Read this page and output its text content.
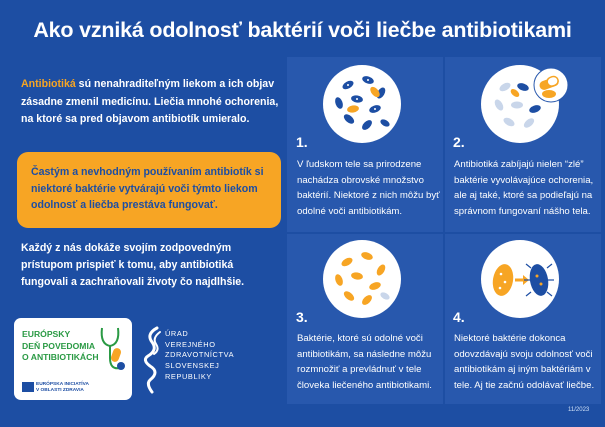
Ako vzniká odolnosť baktérií voči liečbe antibiotikami
Antibiotiká sú nenahraditeľným liekom a ich objav zásadne zmenil medicínu. Liečia mnohé ochorenia, na ktoré sa pred objavom antibiotík umieralo.
Častým a nevhodným používaním antibiotík si niektoré baktérie vytvárajú voči týmto liekom odolnosť a liečba prestáva fungovať.
Každý z nás dokáže svojím zodpovedným prístupom prispieť k tomu, aby antibiotiká fungovali a zachraňovali životy čo najdlhšie.
1.
V ľudskom tele sa prirodzene nachádza obrovské množstvo baktérií. Niektoré z nich môžu byť odolné voči antibiotikám.
2.
Antibiotiká zabíjajú nielen “zlé” baktérie vyvolávajúce ochorenia, ale aj také, ktoré sa podieľajú na správnom fungovaní nášho tela.
3.
Baktérie, ktoré sú odolné voči antibiotikám, sa následne môžu rozmnožiť a prevládnuť v tele človeka liečeného antibiotikami.
4.
Niektoré baktérie dokonca odovzdávajú svoju odolnosť voči antibiotikám aj iným baktériám v tele. Aj tie začnú odolávať liečbe.
EURÓPSKY
DEŇ POVEDOMIA
O ANTIBIOTIKÁCH
EURÓPSKA INICIATÍVA
V OBLASTI ZDRAVIA
ÚRAD
VEREJNÉHO
ZDRAVOTNÍCTVA
SLOVENSKEJ
REPUBLIKY
11/2023
